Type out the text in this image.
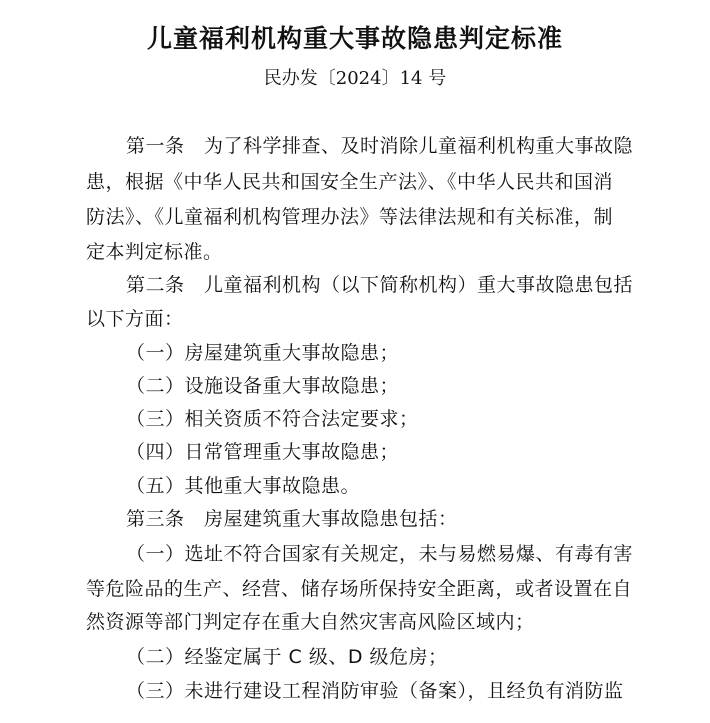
儿童福利机构重大事故隐患判定标准
民办发〔2024〕14 号
第一条　为了科学排查、及时消除儿童福利机构重大事故隐
患，根据《中华人民共和国安全生产法》、《中华人民共和国消
防法》、《儿童福利机构管理办法》等法律法规和有关标准，制
定本判定标准。
第二条　儿童福利机构（以下简称机构）重大事故隐患包括
以下方面：
（一）房屋建筑重大事故隐患；
（二）设施设备重大事故隐患；
（三）相关资质不符合法定要求；
（四）日常管理重大事故隐患；
（五）其他重大事故隐患。
第三条　房屋建筑重大事故隐患包括：
（一）选址不符合国家有关规定，未与易燃易爆、有毒有害
等危险品的生产、经营、储存场所保持安全距离，或者设置在自
然资源等部门判定存在重大自然灾害高风险区域内；
（二）经鉴定属于 C 级、D 级危房；
（三）未进行建设工程消防审验（备案），且经负有消防监
